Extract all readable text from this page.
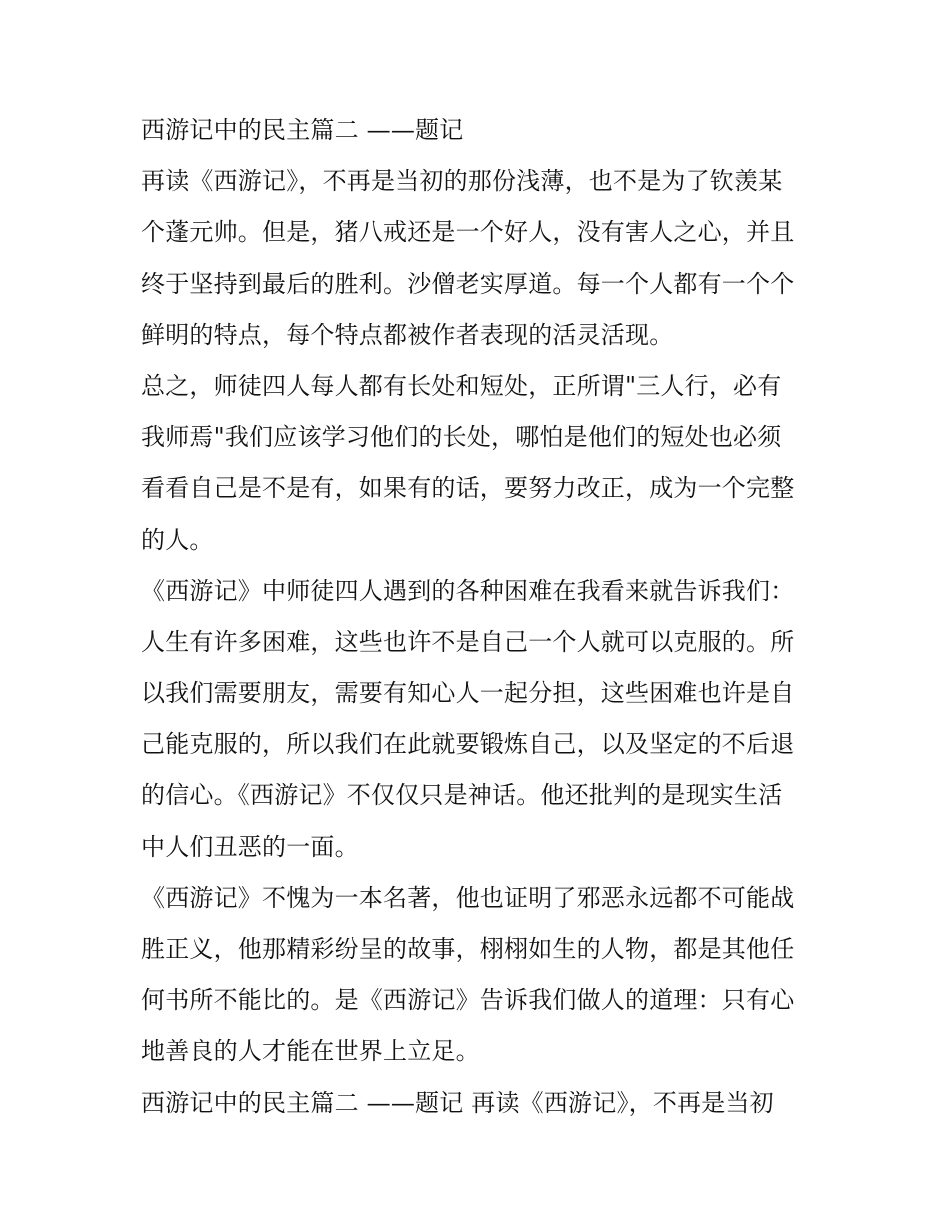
西游记中的民主篇二 ——题记
再读《西游记》，不再是当初的那份浅薄，也不是为了钦羡某
个蓬元帅。但是，猪八戒还是一个好人，没有害人之心，并且
终于坚持到最后的胜利。沙僧老实厚道。每一个人都有一个个
鲜明的特点，每个特点都被作者表现的活灵活现。
总之，师徒四人每人都有长处和短处，正所谓"三人行，必有
我师焉"我们应该学习他们的长处，哪怕是他们的短处也必须
看看自己是不是有，如果有的话，要努力改正，成为一个完整
的人。
《西游记》中师徒四人遇到的各种困难在我看来就告诉我们：
人生有许多困难，这些也许不是自己一个人就可以克服的。所
以我们需要朋友，需要有知心人一起分担，这些困难也许是自
己能克服的，所以我们在此就要锻炼自己，以及坚定的不后退
的信心。《西游记》不仅仅只是神话。他还批判的是现实生活
中人们丑恶的一面。
《西游记》不愧为一本名著，他也证明了邪恶永远都不可能战
胜正义，他那精彩纷呈的故事，栩栩如生的人物，都是其他任
何书所不能比的。是《西游记》告诉我们做人的道理：只有心
地善良的人才能在世界上立足。
西游记中的民主篇二 ——题记 再读《西游记》，不再是当初
